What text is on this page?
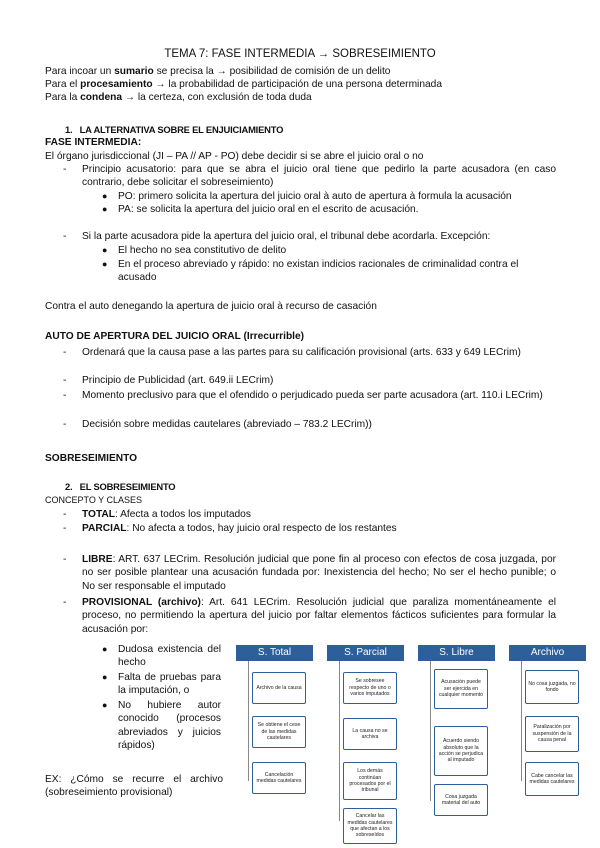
TEMA 7: FASE INTERMEDIA → SOBRESEIMIENTO
Para incoar un sumario se precisa la → posibilidad de comisión de un delito
Para el procesamiento → la probabilidad de participación de una persona determinada
Para la condena → la certeza, con exclusión de toda duda
1. LA ALTERNATIVA SOBRE EL ENJUICIAMIENTO
FASE INTERMEDIA:
El órgano jurisdiccional (JI – PA // AP - PO) debe decidir si se abre el juicio oral o no
- Principio acusatorio: para que se abra el juicio oral tiene que pedirlo la parte acusadora (en caso contrario, debe solicitar el sobreseimiento)
● PO: primero solicita la apertura del juicio oral à auto de apertura à formula la acusación
● PA: se solicita la apertura del juicio oral en el escrito de acusación.
- Si la parte acusadora pide la apertura del juicio oral, el tribunal debe acordarla. Excepción:
● El hecho no sea constitutivo de delito
● En el proceso abreviado y rápido: no existan indicios racionales de criminalidad contra el acusado
Contra el auto denegando la apertura de juicio oral à recurso de casación
AUTO DE APERTURA DEL JUICIO ORAL (Irrecurrible)
- Ordenará que la causa pase a las partes para su calificación provisional (arts. 633 y 649 LECrim)
- Principio de Publicidad (art. 649.ii LECrim)
- Momento preclusivo para que el ofendido o perjudicado pueda ser parte acusadora (art. 110.i LECrim)
- Decisión sobre medidas cautelares (abreviado – 783.2 LECrim))
SOBRESEIMIENTO
2. EL SOBRESEIMIENTO
CONCEPTO Y CLASES
- TOTAL: Afecta a todos los imputados
- PARCIAL: No afecta a todos, hay juicio oral respecto de los restantes
- LIBRE: ART. 637 LECrim. Resolución judicial que pone fin al proceso con efectos de cosa juzgada, por no ser posible plantear una acusación fundada por: Inexistencia del hecho; No ser el hecho punible; o No ser responsable el imputado
- PROVISIONAL (archivo): Art. 641 LECrim. Resolución judicial que paraliza momentáneamente el proceso, no permitiendo la apertura del juicio por faltar elementos fácticos suficientes para formular la acusación por:
● Dudosa existencia del hecho
● Falta de pruebas para la imputación, o
● No hubiere autor conocido (procesos abreviados y juicios rápidos)
EX: ¿Cómo se recurre el archivo (sobreseimiento provisional)
S. Total
Archivo de la causa
Se obtiene el cese de las medidas cautelares
Cancelación medidas cautelares
S. Parcial
Se sobresee respecto de uno o varios imputados
La causa no se archiva
Los demás continúan procesados por el tribunal
Cancelar las medidas cautelares que afectan a los sobreseídos
S. Libre
Acusación puede ser ejercida en cualquier momento
Acuerdo siendo absoluto que la acción se perjudica al imputado
Cosa juzgada material del auto
Archivo
No cosa juzgada, no fondo
Paralización por suspensión de la causa penal
Cabe cancelar las medidas cautelares
